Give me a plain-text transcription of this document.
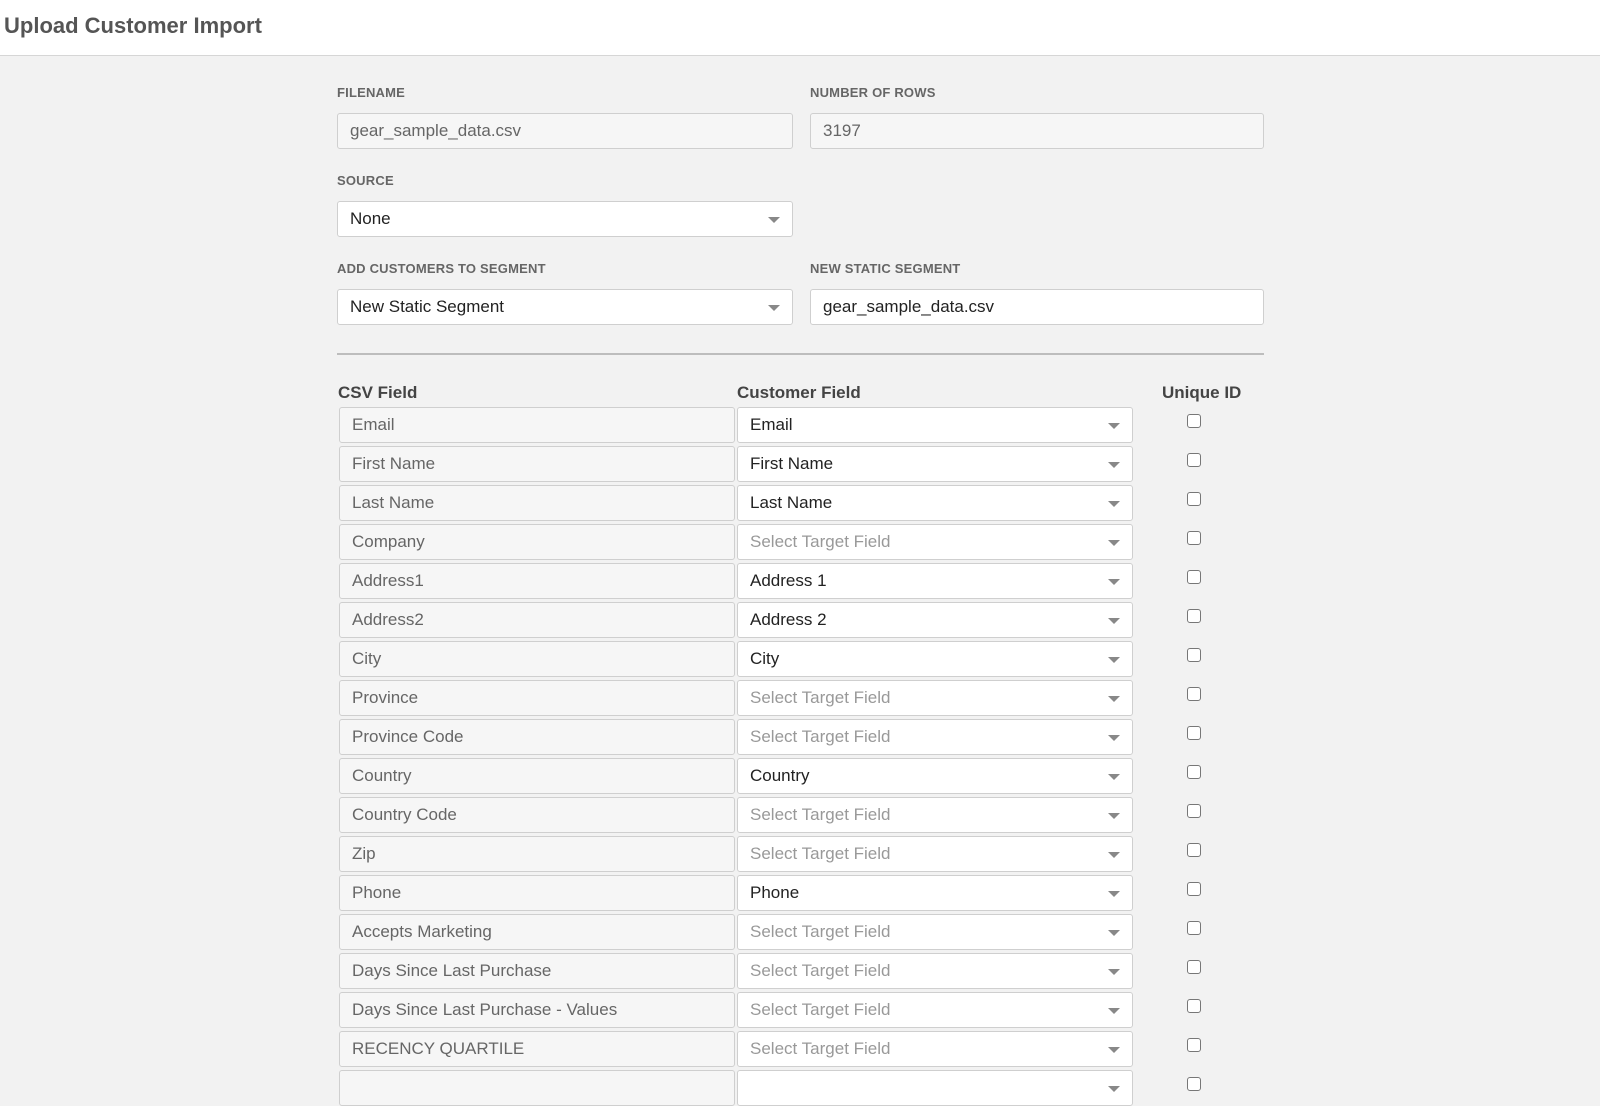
Upload Customer Import
FILENAME
gear_sample_data.csv
NUMBER OF ROWS
3197
SOURCE
None
ADD CUSTOMERS TO SEGMENT
New Static Segment
NEW STATIC SEGMENT
gear_sample_data.csv
CSV Field	Customer Field	Unique ID
Email	Email
First Name	First Name
Last Name	Last Name
Company	Select Target Field
Address1	Address 1
Address2	Address 2
City	City
Province	Select Target Field
Province Code	Select Target Field
Country	Country
Country Code	Select Target Field
Zip	Select Target Field
Phone	Phone
Accepts Marketing	Select Target Field
Days Since Last Purchase	Select Target Field
Days Since Last Purchase - Values	Select Target Field
RECENCY QUARTILE	Select Target Field
